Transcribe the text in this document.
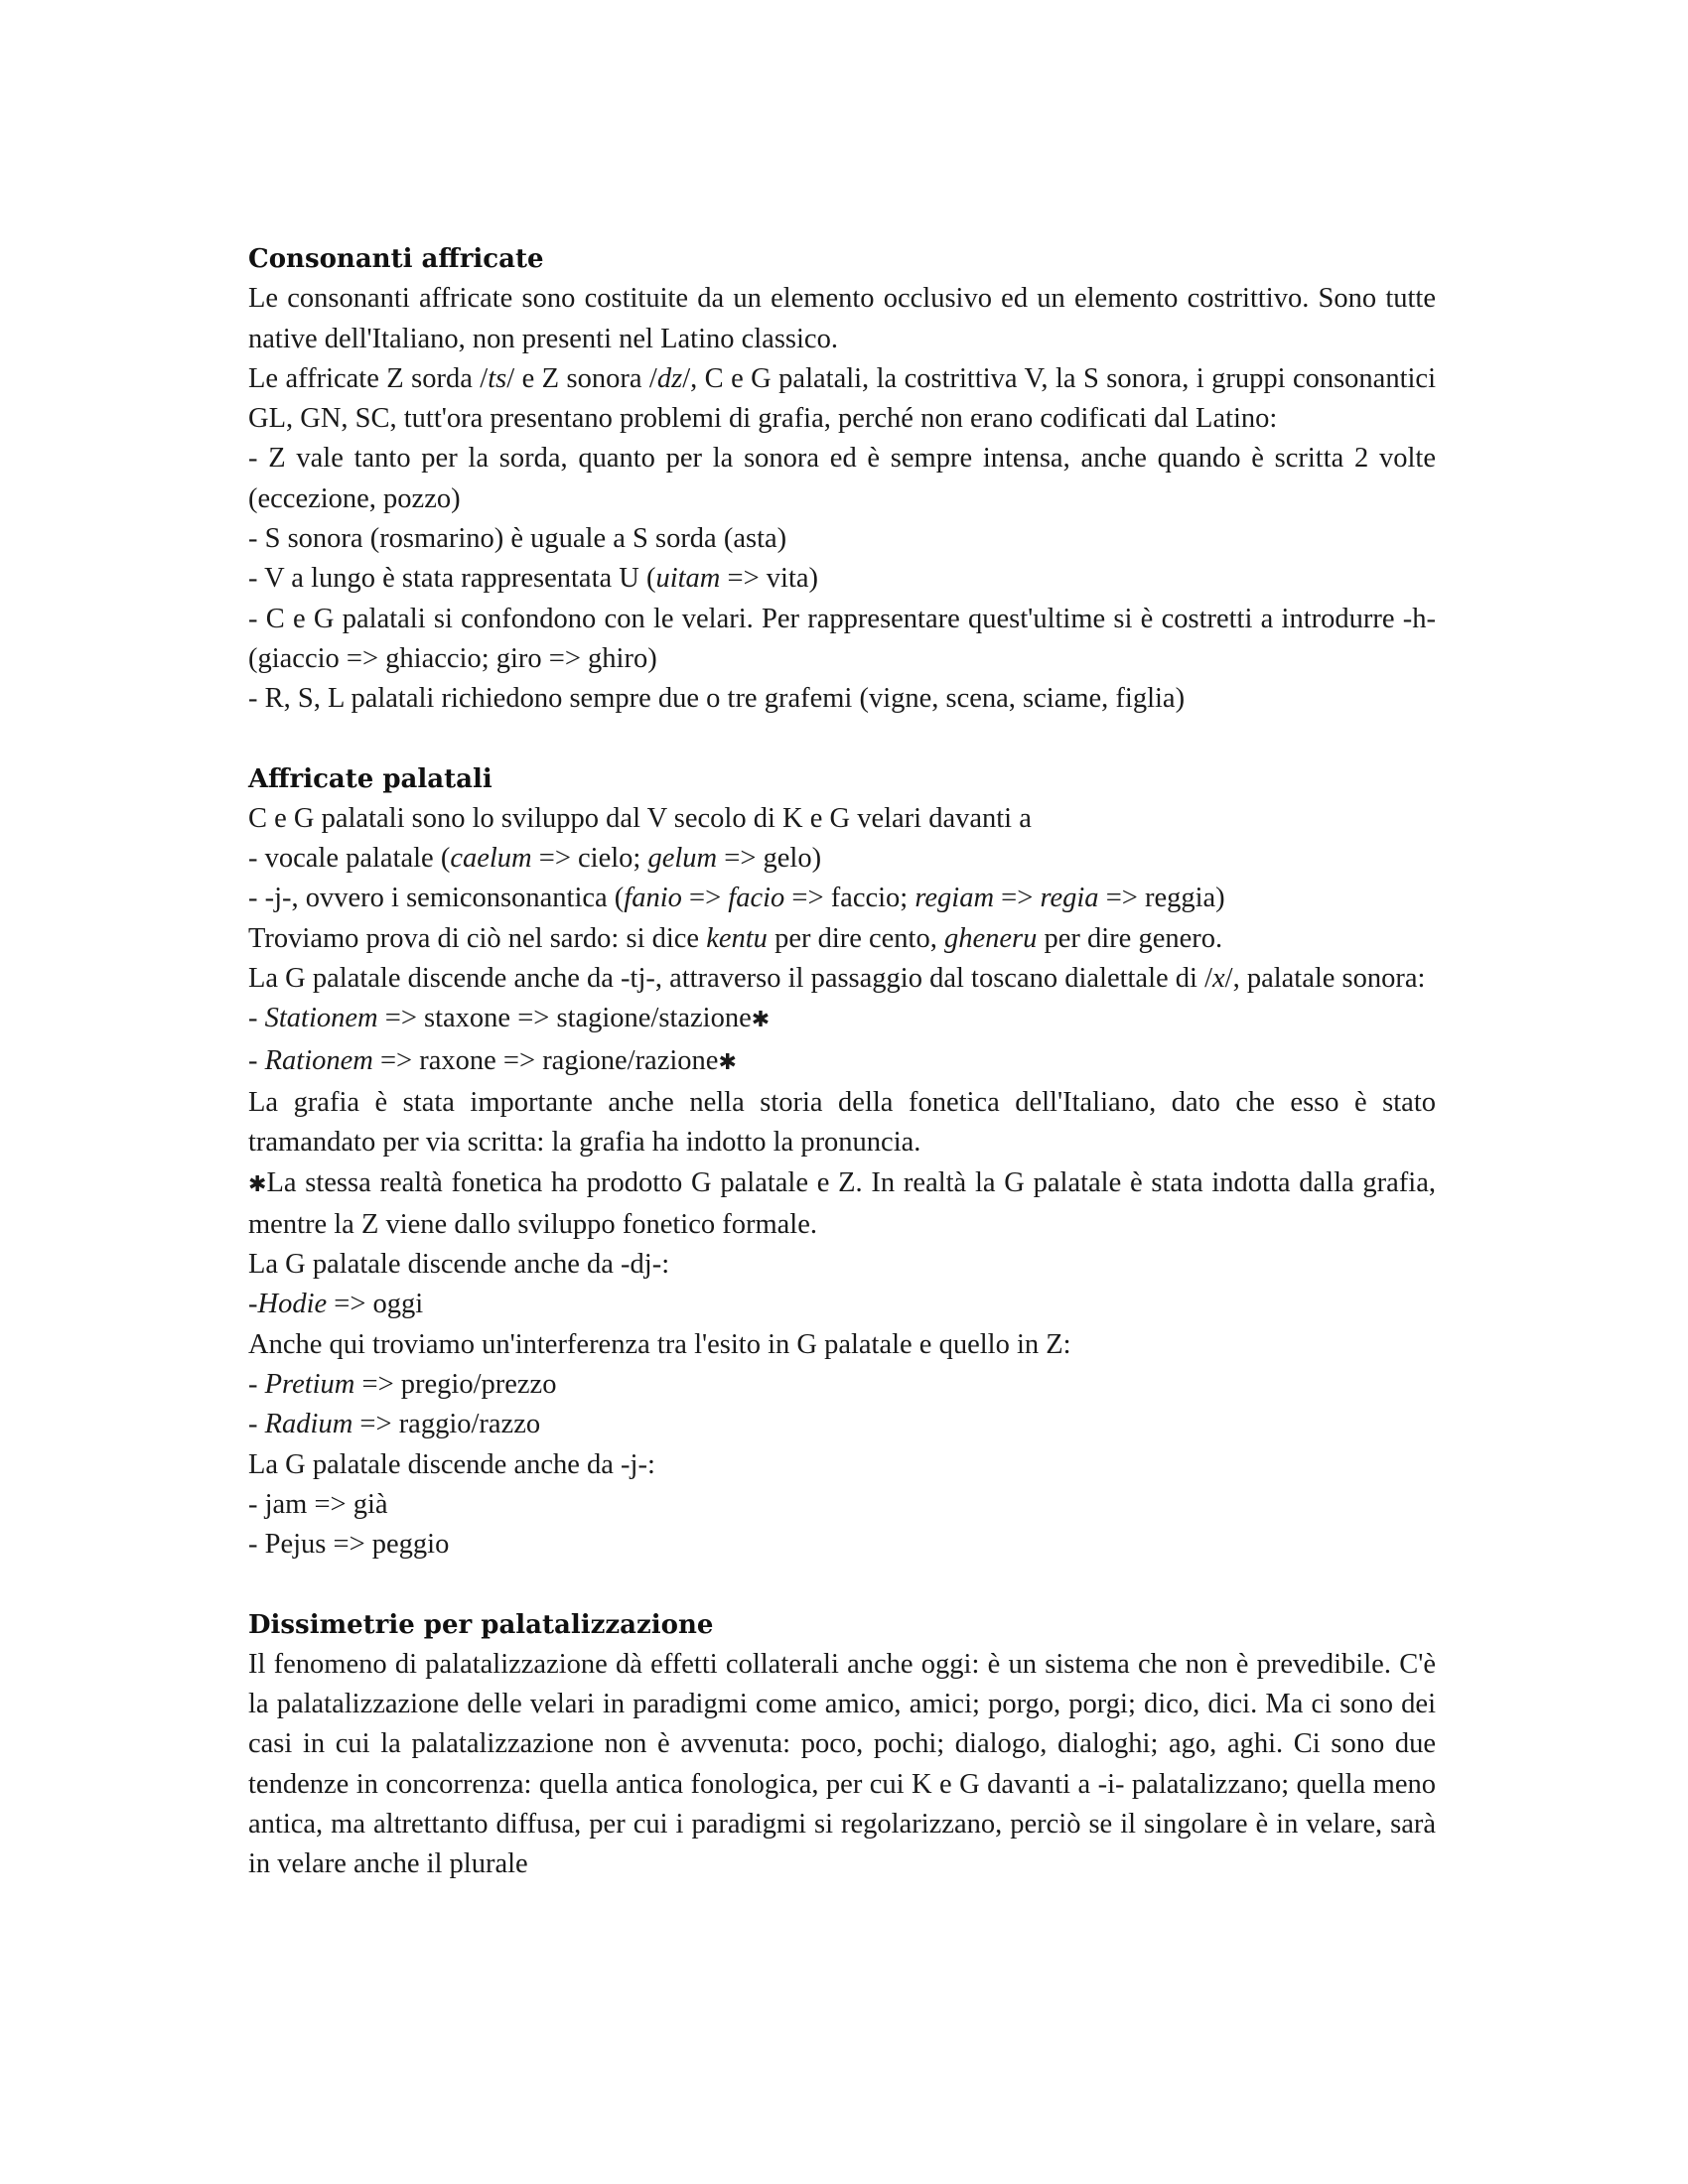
Consonanti affricate

Le consonanti affricate sono costituite da un elemento occlusivo ed un elemento costrittivo. Sono tutte native dell'Italiano, non presenti nel Latino classico.

Le affricate Z sorda /ts/ e Z sonora /dz/, C e G palatali, la costrittiva V, la S sonora, i gruppi consonantici GL, GN, SC, tutt'ora presentano problemi di grafia, perché non erano codificati dal Latino:

- Z vale tanto per la sorda, quanto per la sonora ed è sempre intensa, anche quando è scritta 2 volte (eccezione, pozzo)

- S sonora (rosmarino) è uguale a S sorda (asta)

- V a lungo è stata rappresentata U (uitam => vita)

- C e G palatali si confondono con le velari. Per rappresentare quest'ultime si è costretti a introdurre -h- (giaccio => ghiaccio; giro => ghiro)

- R, S, L palatali richiedono sempre due o tre grafemi (vigne, scena, sciame, figlia)

Affricate palatali

C e G palatali sono lo sviluppo dal V secolo di K e G velari davanti a

- vocale palatale (caelum => cielo; gelum => gelo)

- -j-, ovvero i semiconsonantica (fanio => facio => faccio; regiam => regia => reggia)

Troviamo prova di ciò nel sardo: si dice kentu per dire cento, gheneru per dire genero.

La G palatale discende anche da -tj-, attraverso il passaggio dal toscano dialettale di /x/, palatale sonora:

- Stationem => staxone => stagione/stazione✱

- Rationem => raxone => ragione/razione✱

La grafia è stata importante anche nella storia della fonetica dell'Italiano, dato che esso è stato tramandato per via scritta: la grafia ha indotto la pronuncia.

✱La stessa realtà fonetica ha prodotto G palatale e Z. In realtà la G palatale è stata indotta dalla grafia, mentre la Z viene dallo sviluppo fonetico formale.

La G palatale discende anche da -dj-:

-Hodie => oggi

Anche qui troviamo un'interferenza tra l'esito in G palatale e quello in Z:

- Pretium => pregio/prezzo

- Radium => raggio/razzo

La G palatale discende anche da -j-:

- jam => già

- Pejus => peggio

Dissimetrie per palatalizzazione

Il fenomeno di palatalizzazione dà effetti collaterali anche oggi: è un sistema che non è prevedibile. C'è la palatalizzazione delle velari in paradigmi come amico, amici; porgo, porgi; dico, dici. Ma ci sono dei casi in cui la palatalizzazione non è avvenuta: poco, pochi; dialogo, dialoghi; ago, aghi. Ci sono due tendenze in concorrenza: quella antica fonologica, per cui K e G davanti a -i- palatalizzano; quella meno antica, ma altrettanto diffusa, per cui i paradigmi si regolarizzano, perciò se il singolare è in velare, sarà in velare anche il plurale
